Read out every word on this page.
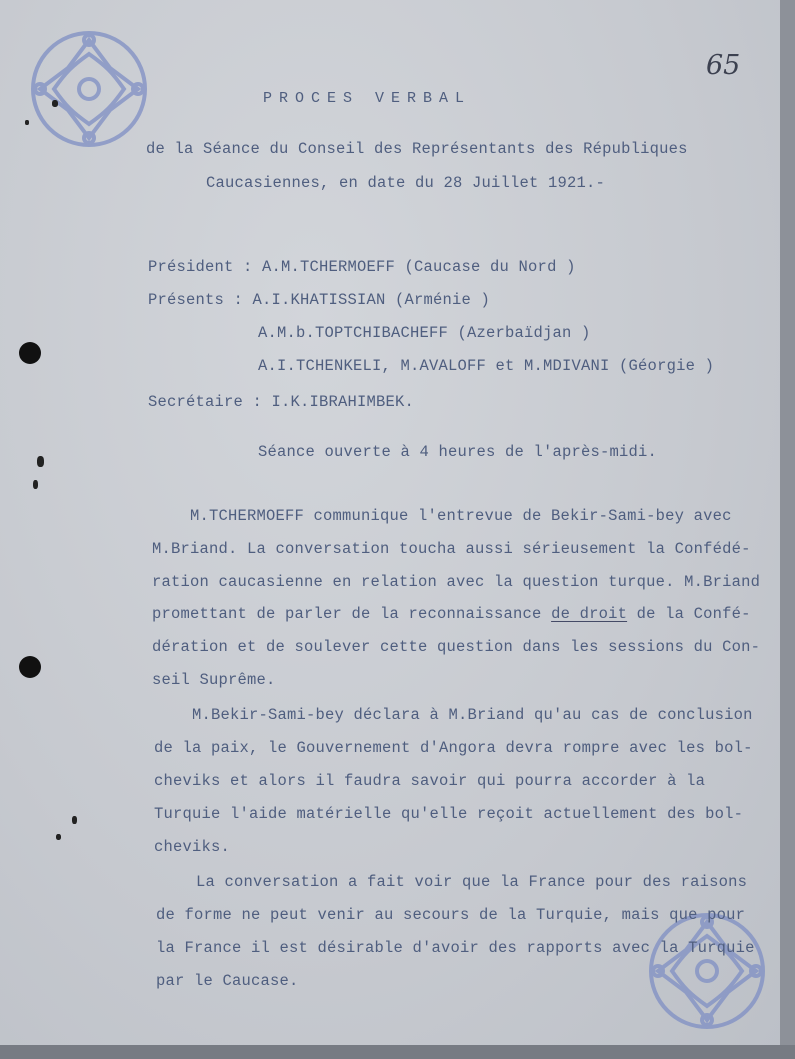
65
PROCES VERBAL
de la Séance du Conseil des Représentants des Républiques
Caucasiennes, en date du 28 Juillet 1921.-
Président : A.M.TCHERMOEFF (Caucase du Nord )
Présents : A.I.KHATISSIAN (Arménie )
A.M.b.TOPTCHIBACHEFF (Azerbaïdjan )
A.I.TCHENKELI, M.AVALOFF et M.MDIVANI (Géorgie )
Secrétaire : I.K.IBRAHIMBEK.
Séance ouverte à 4 heures de l'après-midi.
M.TCHERMOEFF communique l'entrevue de Bekir-Sami-bey avec
M.Briand. La conversation toucha aussi sérieusement la Confédé-
ration caucasienne en relation avec la question turque. M.Briand
promettant de parler de la reconnaissance de droit de la Confé-
dération et de soulever cette question dans les sessions du Con-
seil Suprême.
M.Bekir-Sami-bey déclara à M.Briand qu'au cas de conclusion
de la paix, le Gouvernement d'Angora devra rompre avec les bol-
cheviks et alors il faudra savoir qui pourra accorder à la
Turquie l'aide matérielle qu'elle reçoit actuellement des bol-
cheviks.
La conversation a fait voir que la France pour des raisons
de forme ne peut venir au secours de la Turquie, mais que pour
la France il est désirable d'avoir des rapports avec la Turquie
par le Caucase.
